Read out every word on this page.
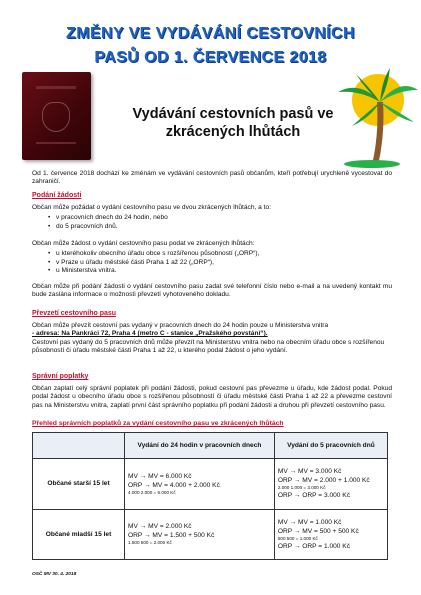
ZMĚNY VE VYDÁVÁNÍ CESTOVNÍCH
PASŮ OD 1. ČERVENCE 2018
Vydávání cestovních pasů ve
zkrácených lhůtách
Od 1. července 2018 dochází ke změnám ve vydávání cestovních pasů občanům, kteří potřebují urychleně vycestovat do zahraničí.
Podání žádosti
Občan může požádat o vydání cestovního pasu ve dvou zkrácených lhůtách, a to:
• v pracovních dnech do 24 hodin, nebo
• do 5 pracovních dnů.
Občan může žádost o vydání cestovního pasu podat ve zkrácených lhůtách:
• u kteréhokoliv obecního úřadu obce s rozšířenou působností („ORP“),
• v Praze u úřadu městské části Praha 1 až 22 („ORP“),
• u Ministerstva vnitra.
Občan může při podání žádosti o vydání cestovního pasu zadat své telefonní číslo nebo e-mail a na uvedený kontakt mu bude zaslána informace o možnosti převzetí vyhotoveného dokladu.
Převzetí cestovního pasu
Občan může převzít cestovní pas vydaný v pracovních dnech do 24 hodin pouze u Ministerstva vnitra
- adresa: Na Pankráci 72, Praha 4 (metro C - stanice „Pražského povstání“).
Cestovní pas vydaný do 5 pracovních dnů může převzít na Ministerstvu vnitra nebo na obecním úřadu obce s rozšířenou působností či úřadu městské části Praha 1 až 22, u kterého podal žádost o jeho vydání.
Správní poplatky
Občan zaplatí celý správní poplatek při podání žádosti, pokud cestovní pas převezme u úřadu, kde žádost podal. Pokud podal žádost u obecního úřadu obce s rozšířenou působností či úřadu městské části Praha 1 až 22 a převezme cestovní pas na Ministerstvu vnitra, zaplatí první část správního poplatku při podání žádosti a druhou při převzetí cestovního pasu.
Přehled správních poplatků za vydání cestovního pasu ve zkrácených lhůtách
	Vydání do 24 hodin v pracovních dnech	Vydání do 5 pracovních dnů
Občané starší 15 let	MV → MV = 6.000 Kč
ORP → MV = 4.000 + 2.000 Kč
4.000 2.000 = 6.000 Kč	MV → MV = 3.000 Kč
ORP → MV = 2.000 + 1.000 Kč
2.000 1.000 = 3.000 Kč
ORP → ORP = 3.000 Kč

Občané mladší 15 let	MV → MV = 2.000 Kč
ORP → MV = 1.500 + 500 Kč
1.500 500 = 2.000 Kč	MV → MV = 1.000 Kč
ORP → MV = 500 + 500 Kč
500 500 = 1.000 Kč
ORP → ORP = 1.000 Kč
OSČ MV 30. 4. 2018
